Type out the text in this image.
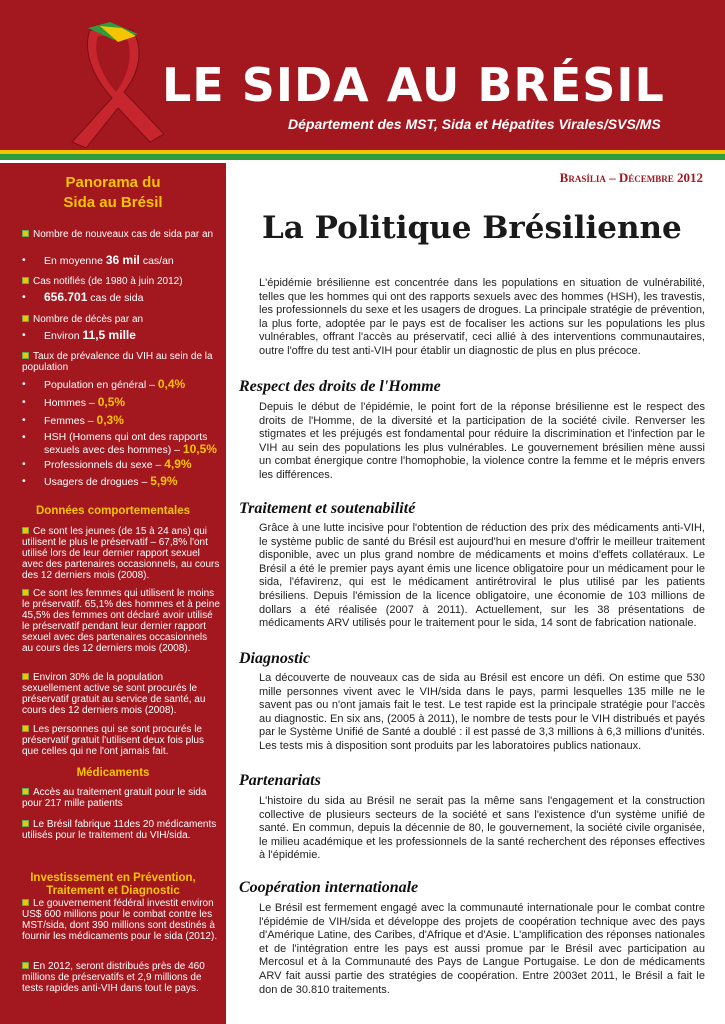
LE SIDA AU BRÉSIL
Département des MST, Sida et Hépatites Virales/SVS/MS
Panorama du
Sida au Brésil
Nombre de nouveaux cas de sida par an
• En moyenne 36 mil cas/an
Cas notifiés (de 1980 à juin 2012)
• 656.701 cas de sida
Nombre de décès par an
• Environ 11,5 mille
Taux de prévalence du VIH au sein de la population
• Population en général – 0,4%
• Hommes – 0,5%
• Femmes – 0,3%
• HSH (Homens qui ont des rapports sexuels avec des hommes) – 10,5%
• Professionnels du sexe – 4,9%
• Usagers de drogues – 5,9%
Données comportementales
Ce sont les jeunes (de 15 à 24 ans) qui utilisent le plus le préservatif – 67,8% l'ont utilisé lors de leur dernier rapport sexuel avec des partenaires occasionnels, au cours des 12 derniers mois (2008).
Ce sont les femmes qui utilisent le moins le préservatif. 65,1% des hommes et à peine 45,5% des femmes ont déclaré avoir utilisé le préservatif pendant leur dernier rapport sexuel avec des partenaires occasionnels au cours des 12 derniers mois (2008).
Environ 30% de la population sexuellement active se sont procurés le préservatif gratuit au service de santé, au cours des 12 derniers mois (2008).
Les personnes qui se sont procurés le préservatif gratuit l'utilisent deux fois plus que celles qui ne l'ont jamais fait.
Médicaments
Accès au traitement gratuit pour le sida pour 217 mille patients
Le Brésil fabrique 11des 20 médicaments utilisés pour le traitement du VIH/sida.
Investissement en Prévention,
Traitement et Diagnostic
Le gouvernement fédéral investit environ US$ 600 millions pour le combat contre les MST/sida, dont 390 millions sont destinés à fournir les médicaments pour le sida (2012).
En 2012, seront distribués près de 460 millions de préservatifs et 2,9 millions de tests rapides anti-VIH dans tout le pays.
Brasília – Décembre 2012
La Politique Brésilienne
L'épidémie brésilienne est concentrée dans les populations en situation de vulnérabilité, telles que les hommes qui ont des rapports sexuels avec des hommes (HSH), les travestis, les professionnels du sexe et les usagers de drogues. La principale stratégie de prévention, la plus forte, adoptée par le pays est de focaliser les actions sur les populations les plus vulnérables, offrant l'accès au préservatif, ceci allié à des interventions communautaires, outre l'offre du test anti-VIH pour établir un diagnostic de plus en plus précoce.
Respect des droits de l'Homme
Depuis le début de l'épidémie, le point fort de la réponse brésilienne est le respect des droits de l'Homme, de la diversité et la participation de la société civile. Renverser les stigmates et les préjugés est fondamental pour réduire la discrimination et l'infection par le VIH au sein des populations les plus vulnérables. Le gouvernement brésilien mène aussi un combat énergique contre l'homophobie, la violence contre la femme et le mépris envers les différences.
Traitement et soutenabilité
Grâce à une lutte incisive pour l'obtention de réduction des prix des médicaments anti-VIH, le système public de santé du Brésil est aujourd'hui en mesure d'offrir le meilleur traitement disponible, avec un plus grand nombre de médicaments et moins d'effets collatéraux. Le Brésil a été le premier pays ayant émis une licence obligatoire pour un médicament pour le sida, l'éfavirenz, qui est le médicament antirétroviral le plus utilisé par les patients brésiliens. Depuis l'émission de la licence obligatoire, une économie de 103 millions de dollars a été réalisée (2007 à 2011). Actuellement, sur les 38 présentations de médicaments ARV utilisés pour le traitement pour le sida, 14 sont de fabrication nationale.
Diagnostic
La découverte de nouveaux cas de sida au Brésil est encore un défi. On estime que 530 mille personnes vivent avec le VIH/sida dans le pays, parmi lesquelles 135 mille ne le savent pas ou n'ont jamais fait le test. Le test rapide est la principale stratégie pour l'accès au diagnostic. En six ans, (2005 à 2011), le nombre de tests pour le VIH distribués et payés par le Système Unifié de Santé a doublé : il est passé de 3,3 millions à 6,3 millions d'unités. Les tests mis à disposition sont produits par les laboratoires publics nationaux.
Partenariats
L'histoire du sida au Brésil ne serait pas la même sans l'engagement et la construction collective de plusieurs secteurs de la société et sans l'existence d'un système unifié de santé. En commun, depuis la décennie de 80, le gouvernement, la société civile organisée, le milieu académique et les professionnels de la santé recherchent des réponses effectives à l'épidémie.
Coopération internationale
Le Brésil est fermement engagé avec la communauté internationale pour le combat contre l'épidémie de VIH/sida et développe des projets de coopération technique avec des pays d'Amérique Latine, des Caribes, d'Afrique et d'Asie. L'amplification des réponses nationales et de l'intégration entre les pays est aussi promue par le Brésil avec participation au Mercosul et à la Communauté des Pays de Langue Portugaise. Le don de médicaments ARV fait aussi partie des stratégies de coopération. Entre 2003et 2011, le Brésil a fait le don de 30.810 traitements.
